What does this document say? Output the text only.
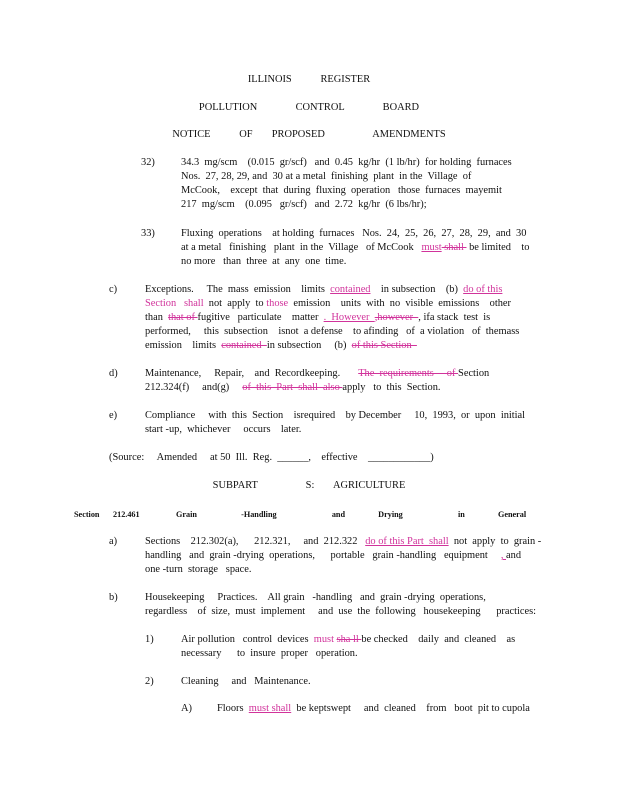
ILLINOIS   REGISTER
POLLUTION    CONTROL    BOARD
NOTICE   OF  PROPOSED     AMENDMENTS
32)	34.3  mg/scm    (0.015  gr/scf)   and  0.45  kg/hr  (1 lb/hr)  for holding  furnaces
Nos.  27, 28, 29, and  30 at a metal  finishing  plant  in the  Village  of
McCook,    except  that  during  fluxing  operation   those  furnaces  mayemit
217  mg/scm    (0.095   gr/scf)   and  2.72  kg/hr  (6 lbs/hr);
33)	Fluxing  operations    at holding  furnaces   Nos.  24,  25,  26,  27,  28,  29,  and  30
at a metal   finishing   plant  in the  Village   of McCook   must shall  be limited    to
no more   than  three  at  any  one  time.
c)	Exceptions.     The  mass  emission    limits  contained    in subsection    (b)  do of this
Section   shall  not  apply  to those  emission    units  with  no  visible  emissions    other
than  that of fugitive   particulate    matter  .  However  ,however  , ifa stack  test  is
performed,     this  subsection    isnot  a defense    to afinding   of  a violation   of  themass
emission    limits  contained  in subsection     (b)  of this Section
d)	Maintenance,     Repair,    and  Recordkeeping.       The  requirements     of Section
212.324(f)     and(g)     of  this  Part  shall  also apply   to  this  Section.
e)	Compliance     with  this  Section    isrequired    by December     10,  1993,  or  upon  initial
start -up,  whichever     occurs    later.
(Source:     Amended     at 50  Ill.  Reg.  ______,    effective    ____________)
SUBPART     S:  AGRICULTURE
Section 212.461	Grain    -Handling     and   Drying     in   General
a)	Sections    212.302(a),      212.321,     and  212.322   do of this Part  shall  not  apply  to  grain -
handling   and  grain -drying  operations,      portable   grain -handling   equipment     , and
one -turn  storage   space.
b)	Housekeeping     Practices.    All grain   -handling   and  grain -drying  operations,
regardless    of  size,  must  implement     and  use  the  following   housekeeping      practices:
1)	Air pollution   control  devices  must sha ll be checked    daily  and  cleaned    as
necessary      to  insure  proper   operation.
2)	Cleaning     and   Maintenance.
A) Floors  must shall  be keptswept     and  cleaned    from   boot  pit to cupola
